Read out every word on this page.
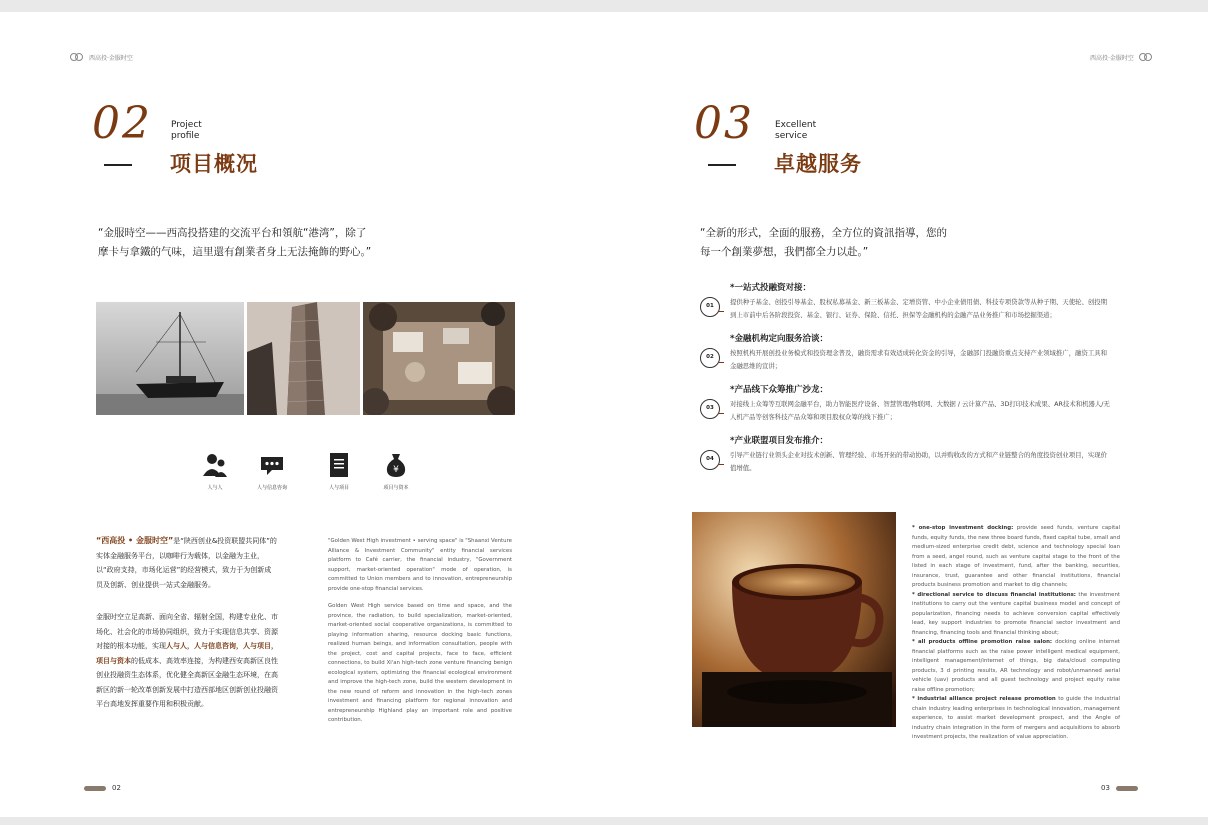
西高投·金服时空
02 Project
profile
项目概况
“金服時空——西高投搭建的交流平台和領航“港湾”，除了
摩卡与拿鐵的气味，這里還有創業者身上无法掩飾的野心。”
人与人	人与信息咨询	人与项目
¥
项目与资本
“西高投 • 金服时空”是“陕西创业&投资联盟共同体”的实体金融服务平台，以咖啡行为载体，以金融为主业，以“政府支持，市场化运营”的经营模式，致力于为创新成员及创新、创业提供一站式金融服务。
金服时空立足高新、面向全省、辐射全国，构建专业化、市场化、社会化的市场协同组织，致力于实现信息共享、资源对接的根本功能，实现人与人，人与信息咨询，人与项目，项目与资本的低成本、高效率连接，为构建西安高新区良性创业投融资生态体系，优化健全高新区金融生态环境，在高新区的新一轮改革创新发展中打造西部地区创新创业投融资平台高地发挥重要作用和积极贡献。
"Golden West High investment • serving space" is "Shaanxi Venture Alliance & Investment Community" entity financial services platform to Café carrier, the financial industry, "Government support, market-oriented operation" mode of operation, is committed to Union members and to innovation, entrepreneurship provide one-stop financial services.
Golden West High service based on time and space, and the province, the radiation, to build specialization, market-oriented, market-oriented social cooperative organizations, is committed to playing information sharing, resource docking basic functions, realized human beings, and information consultation, people with the project, cost and capital projects, face to face, efficient connections, to build Xi'an high-tech zone venture financing benign ecological system, optimizing the financial ecological environment and improve the high-tech zone, build the western development in the new round of reform and innovation in the high-tech zones investment and financing platform for regional innovation and entrepreneurship Highland play an important role and positive contribution.
02
西高投·金服时空
03 Excellent
service
卓越服务
“全新的形式，全面的服務，全方位的資訊指導，您的
每一个創業夢想，我們都全力以赴。”
01
*一站式投融资对接：
提供种子基金、创投引导基金、股权私募基金、新三板基金、定增资管、中小企业债用债、科技专项贷款等从种子期、天使轮、创投期到上市前中后各阶段投资、基金、银行、证券、保险、信托、担保等金融机构的金融产品业务推广和市场挖掘渠道；
02
*金融机构定向服务洽谈：
按照机构开展创投业务模式和投资理念普及，融资需求有效适成转化资金的引导，金融部门投融资重点支持产业领域推广，融资工具和金融思维的宣讲；
03
*产品线下众筹推广沙龙：
对接线上众筹等互联网金融平台，助力智能医疗设备、智慧管理/物联网、大数据 / 云计算产品、3D打印技术成果、AR技术和机器人/无人机产品等创客科技产品众筹和项目股权众筹的线下推广；
04
*产业联盟项目发布推介：
引导产业链行业领头企业对技术创新、管理经验、市场开拓的带动协助，以并购收改的方式和产业链整合的角度投资创业项目，实现价值增值。
* one-stop investment docking: provide seed funds, venture capital funds, equity funds, the new three board funds, fixed capital tube, small and medium-sized enterprise credit debt, science and technology special loan from a seed, angel round, such as venture capital stage to the front of the listed in each stage of investment, fund, after the banking, securities, insurance, trust, guarantee and other financial institutions, financial products business promotion and market to dig channels;
* directional service to discuss financial institutions: the investment institutions to carry out the venture capital business model and concept of popularization, financing needs to achieve conversion capital effectively lead, key support industries to promote financial sector investment and financing, financing tools and financial thinking about;
* all products offline promotion raise salon: docking online internet financial platforms such as the raise power intelligent medical equipment, intelligent management/internet of things, big data/cloud computing products, 3 d printing results, AR technology and robot/unmanned aerial vehicle (uav) products and all guest technology and project equity raise raise offline promotion;
* industrial alliance project release promotion to guide the industrial chain industry leading enterprises in technological innovation, management experience, to assist market development prospect, and the Angle of industry chain integration in the form of mergers and acquisitions to absorb investment projects, the realization of value appreciation.
03
